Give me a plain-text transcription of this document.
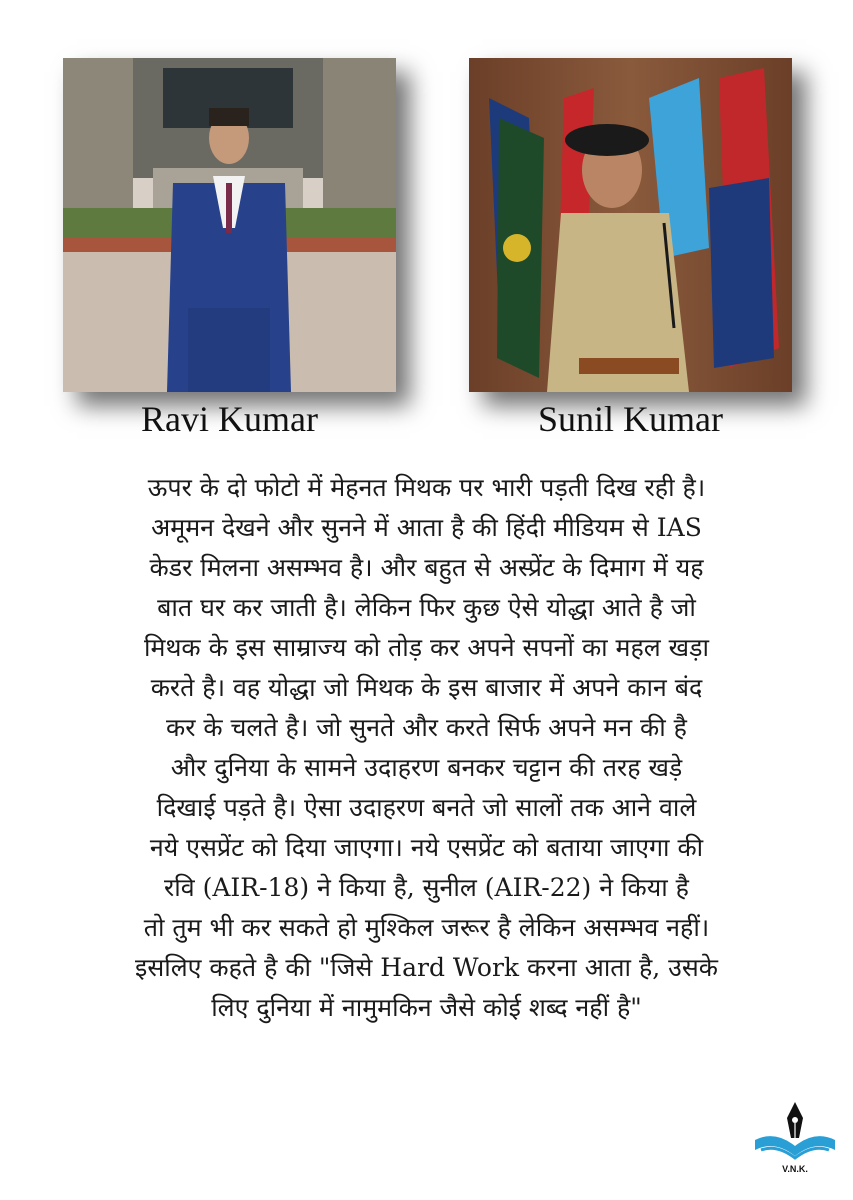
Ravi Kumar	Sunil Kumar
ऊपर के दो फोटो में मेहनत मिथक पर भारी पड़ती दिख रही है।
अमूमन देखने और सुनने में आता है की हिंदी मीडियम से IAS
केडर मिलना असम्भव है। और बहुत से अस्प्रेंट के दिमाग में यह
बात घर कर जाती है। लेकिन फिर कुछ ऐसे योद्धा आते है जो
मिथक के इस साम्राज्य को तोड़ कर अपने सपनों का महल खड़ा
करते है। वह योद्धा जो मिथक के इस बाजार में अपने कान बंद
कर के चलते है। जो सुनते और करते सिर्फ अपने मन की है
और दुनिया के सामने उदाहरण बनकर चट्टान की तरह खड़े
दिखाई पड़ते है। ऐसा उदाहरण बनते जो सालों तक आने वाले
नये एसप्रेंट को दिया जाएगा। नये एसप्रेंट को बताया जाएगा की
रवि (AIR-18) ने किया है, सुनील (AIR-22) ने किया है
तो तुम भी कर सकते हो मुश्किल जरूर है लेकिन असम्भव नहीं।
इसलिए कहते है की "जिसे Hard Work करना आता है, उसके
लिए दुनिया में नामुमकिन जैसे कोई शब्द नहीं है"
V.N.K.
